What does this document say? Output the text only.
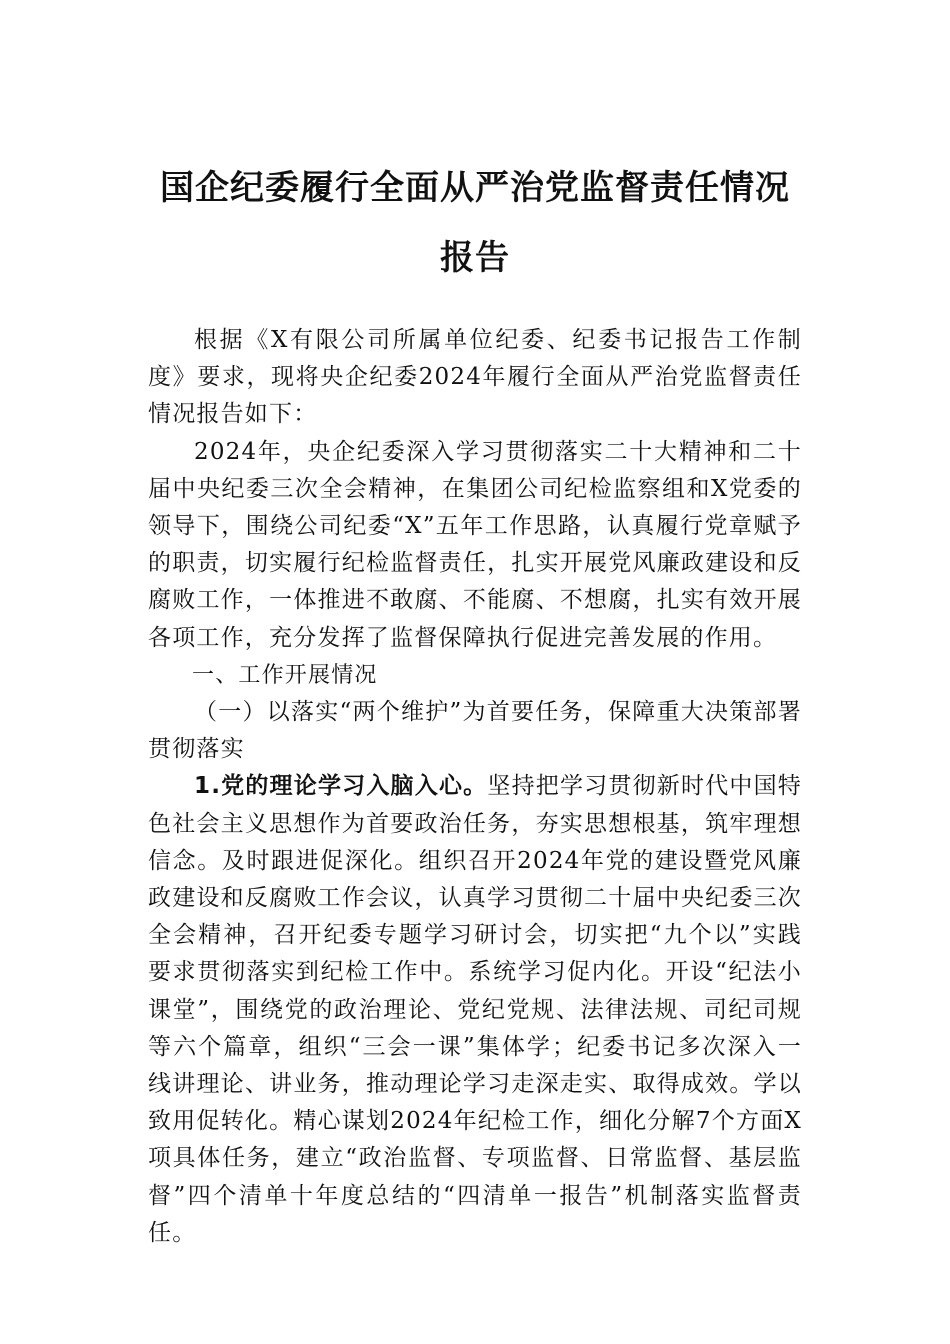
国企纪委履行全面从严治党监督责任情况
报告

根据《X有限公司所属单位纪委、纪委书记报告工作制度》要求，现将央企纪委2024年履行全面从严治党监督责任情况报告如下：

2024年，央企纪委深入学习贯彻落实二十大精神和二十届中央纪委三次全会精神，在集团公司纪检监察组和X党委的领导下，围绕公司纪委“X”五年工作思路，认真履行党章赋予的职责，切实履行纪检监督责任，扎实开展党风廉政建设和反腐败工作，一体推进不敢腐、不能腐、不想腐，扎实有效开展各项工作，充分发挥了监督保障执行促进完善发展的作用。

一、工作开展情况

（一）以落实“两个维护”为首要任务，保障重大决策部署贯彻落实

1.党的理论学习入脑入心。坚持把学习贯彻新时代中国特色社会主义思想作为首要政治任务，夯实思想根基，筑牢理想信念。及时跟进促深化。组织召开2024年党的建设暨党风廉政建设和反腐败工作会议，认真学习贯彻二十届中央纪委三次全会精神，召开纪委专题学习研讨会，切实把“九个以”实践要求贯彻落实到纪检工作中。系统学习促内化。开设“纪法小课堂”，围绕党的政治理论、党纪党规、法律法规、司纪司规等六个篇章，组织“三会一课”集体学；纪委书记多次深入一线讲理论、讲业务，推动理论学习走深走实、取得成效。学以致用促转化。精心谋划2024年纪检工作，细化分解7个方面X项具体任务，建立“政治监督、专项监督、日常监督、基层监督”四个清单十年度总结的“四清单一报告”机制落实监督责任。
